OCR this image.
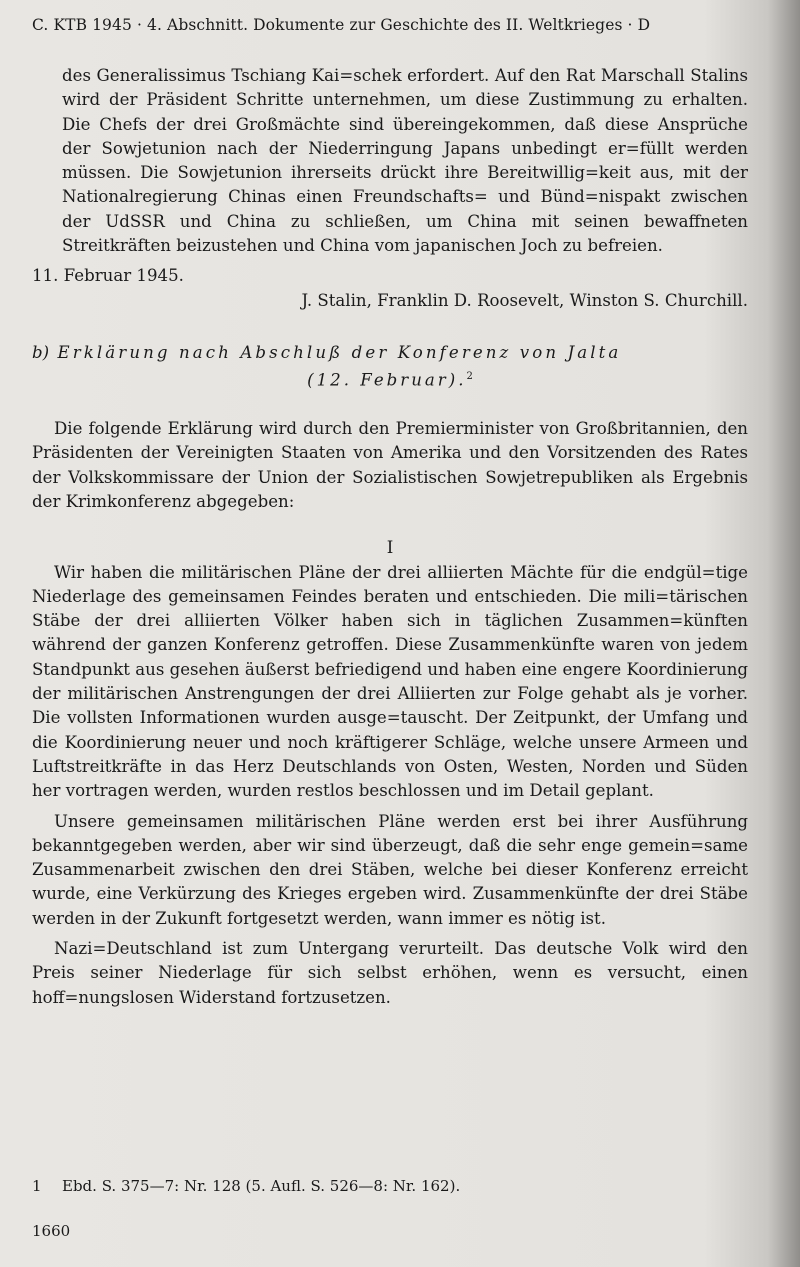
C. KTB 1945 · 4. Abschnitt. Dokumente zur Geschichte des II. Weltkrieges · D

des Generalissimus Tschiang Kai=schek erfordert. Auf den Rat Marschall Stalins wird der Präsident Schritte unternehmen, um diese Zustimmung zu erhalten. Die Chefs der drei Großmächte sind übereingekommen, daß diese Ansprüche der Sowjetunion nach der Niederringung Japans unbedingt er=füllt werden müssen. Die Sowjetunion ihrerseits drückt ihre Bereitwillig=keit aus, mit der Nationalregierung Chinas einen Freundschafts= und Bünd=nispakt zwischen der UdSSR und China zu schließen, um China mit seinen bewaffneten Streitkräften beizustehen und China vom japanischen Joch zu befreien.

11. Februar 1945.

J. Stalin, Franklin D. Roosevelt, Winston S. Churchill.

b) Erklärung nach Abschluß der Konferenz von Jalta

(12. Februar).$^2$

Die folgende Erklärung wird durch den Premierminister von Großbritannien, den Präsidenten der Vereinigten Staaten von Amerika und den Vorsitzenden des Rates der Volkskommissare der Union der Sozialistischen Sowjetrepubliken als Ergebnis der Krimkonferenz abgegeben:

I

Wir haben die militärischen Pläne der drei alliierten Mächte für die endgül=tige Niederlage des gemeinsamen Feindes beraten und entschieden. Die mili=tärischen Stäbe der drei alliierten Völker haben sich in täglichen Zusammen=künften während der ganzen Konferenz getroffen. Diese Zusammenkünfte waren von jedem Standpunkt aus gesehen äußerst befriedigend und haben eine engere Koordinierung der militärischen Anstrengungen der drei Alliierten zur Folge gehabt als je vorher. Die vollsten Informationen wurden ausge=tauscht. Der Zeitpunkt, der Umfang und die Koordinierung neuer und noch kräftigerer Schläge, welche unsere Armeen und Luftstreitkräfte in das Herz Deutschlands von Osten, Westen, Norden und Süden her vortragen werden, wurden restlos beschlossen und im Detail geplant.

Unsere gemeinsamen militärischen Pläne werden erst bei ihrer Ausführung bekanntgegeben werden, aber wir sind überzeugt, daß die sehr enge gemein=same Zusammenarbeit zwischen den drei Stäben, welche bei dieser Konferenz erreicht wurde, eine Verkürzung des Krieges ergeben wird. Zusammenkünfte der drei Stäbe werden in der Zukunft fortgesetzt werden, wann immer es nötig ist.

Nazi=Deutschland ist zum Untergang verurteilt. Das deutsche Volk wird den Preis seiner Niederlage für sich selbst erhöhen, wenn es versucht, einen hoff=nungslosen Widerstand fortzusetzen.

1 Ebd. S. 375—7: Nr. 128 (5. Aufl. S. 526—8: Nr. 162).
1660
